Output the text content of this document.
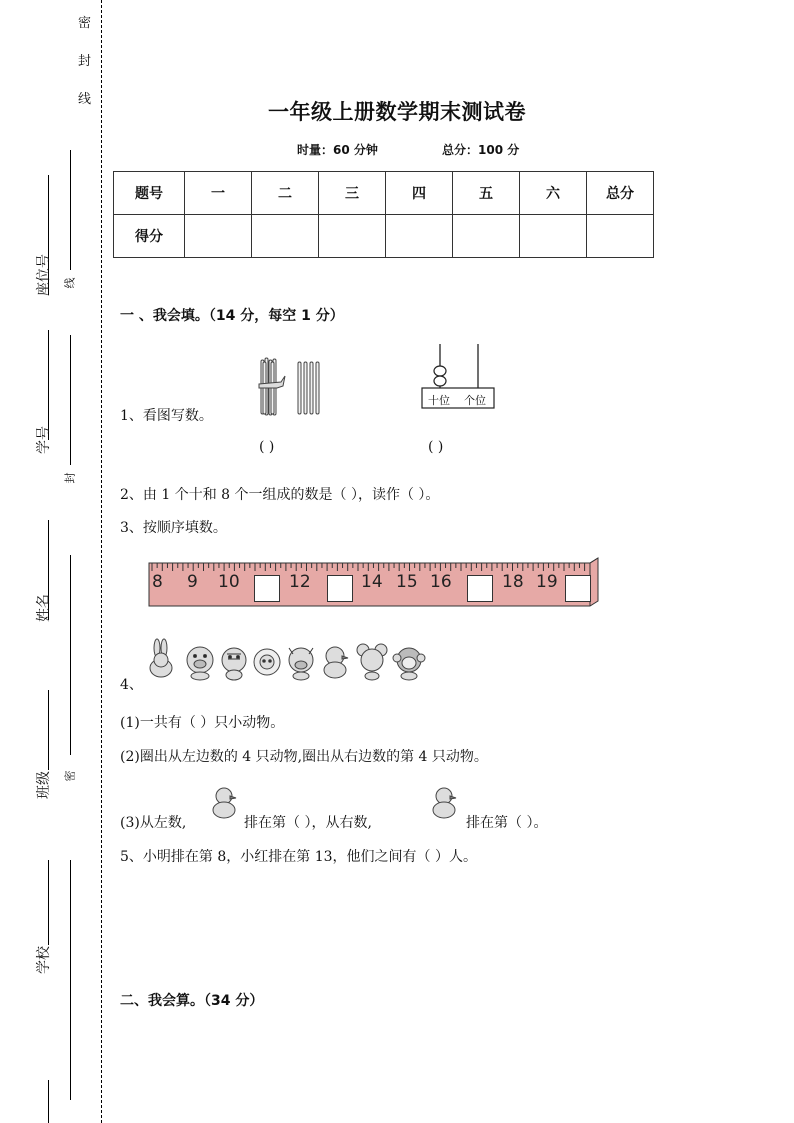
密
封
线
座位号
学号
姓名
班级
学校
线
封
密
一年级上册数学期末测试卷
时量：60 分钟	总分：100 分
题号	一	二	三	四	五	六	总分
得分							
一 、我会填。（14 分，每空 1 分）
1、看图写数。
十位 个位
( )	( )
2、由 1 个十和 8 个一组成的数是（ ），读作（ ）。
3、按顺序填数。
8 9 10	12	14 15 16	18 19
4、
(1)一共有（ ）只小动物。
(2)圈出从左边数的 4 只动物,圈出从右边数的第 4 只动物。
(3)从左数,	排在第（ ），从右数,	排在第（ ）。
5、小明排在第 8，小红排在第 13，他们之间有（ ）人。
二、我会算。（34 分）
